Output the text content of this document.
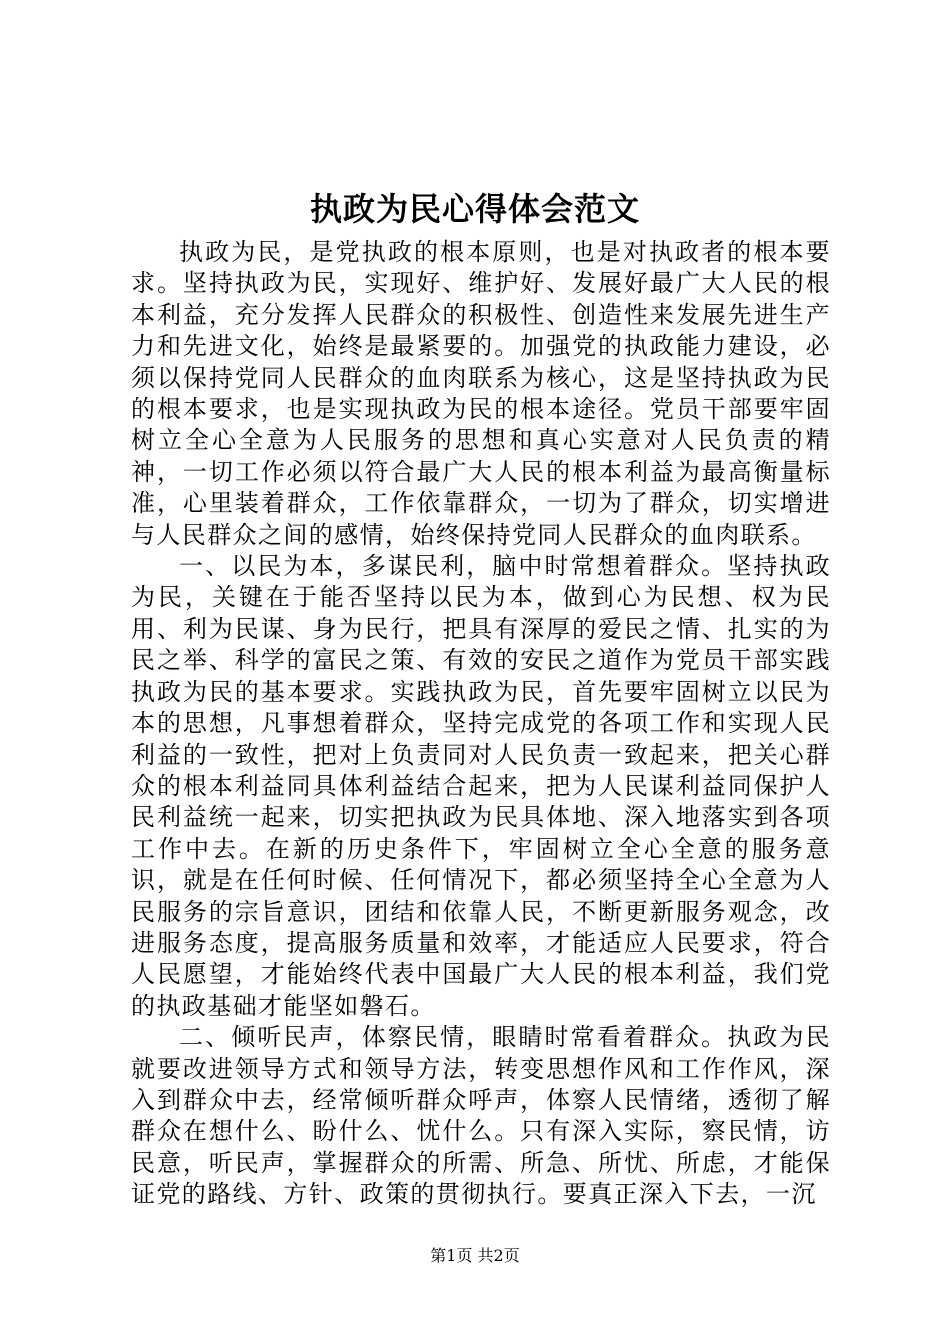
执政为民心得体会范文

执政为民，是党执政的根本原则，也是对执政者的根本要求。坚持执政为民，实现好、维护好、发展好最广大人民的根本利益，充分发挥人民群众的积极性、创造性来发展先进生产力和先进文化，始终是最紧要的。加强党的执政能力建设，必须以保持党同人民群众的血肉联系为核心，这是坚持执政为民的根本要求，也是实现执政为民的根本途径。党员干部要牢固树立全心全意为人民服务的思想和真心实意对人民负责的精神，一切工作必须以符合最广大人民的根本利益为最高衡量标准，心里装着群众，工作依靠群众，一切为了群众，切实增进与人民群众之间的感情，始终保持党同人民群众的血肉联系。

一、以民为本，多谋民利，脑中时常想着群众。坚持执政为民，关键在于能否坚持以民为本，做到心为民想、权为民用、利为民谋、身为民行，把具有深厚的爱民之情、扎实的为民之举、科学的富民之策、有效的安民之道作为党员干部实践执政为民的基本要求。实践执政为民，首先要牢固树立以民为本的思想，凡事想着群众，坚持完成党的各项工作和实现人民利益的一致性，把对上负责同对人民负责一致起来，把关心群众的根本利益同具体利益结合起来，把为人民谋利益同保护人民利益统一起来，切实把执政为民具体地、深入地落实到各项工作中去。在新的历史条件下，牢固树立全心全意的服务意识，就是在任何时候、任何情况下，都必须坚持全心全意为人民服务的宗旨意识，团结和依靠人民，不断更新服务观念，改进服务态度，提高服务质量和效率，才能适应人民要求，符合人民愿望，才能始终代表中国最广大人民的根本利益，我们党的执政基础才能坚如磐石。

二、倾听民声，体察民情，眼睛时常看着群众。执政为民就要改进领导方式和领导方法，转变思想作风和工作作风，深入到群众中去，经常倾听群众呼声，体察人民情绪，透彻了解群众在想什么、盼什么、忧什么。只有深入实际，察民情，访民意，听民声，掌握群众的所需、所急、所忧、所虑，才能保证党的路线、方针、政策的贯彻执行。要真正深入下去，一沉

第1页 共2页
